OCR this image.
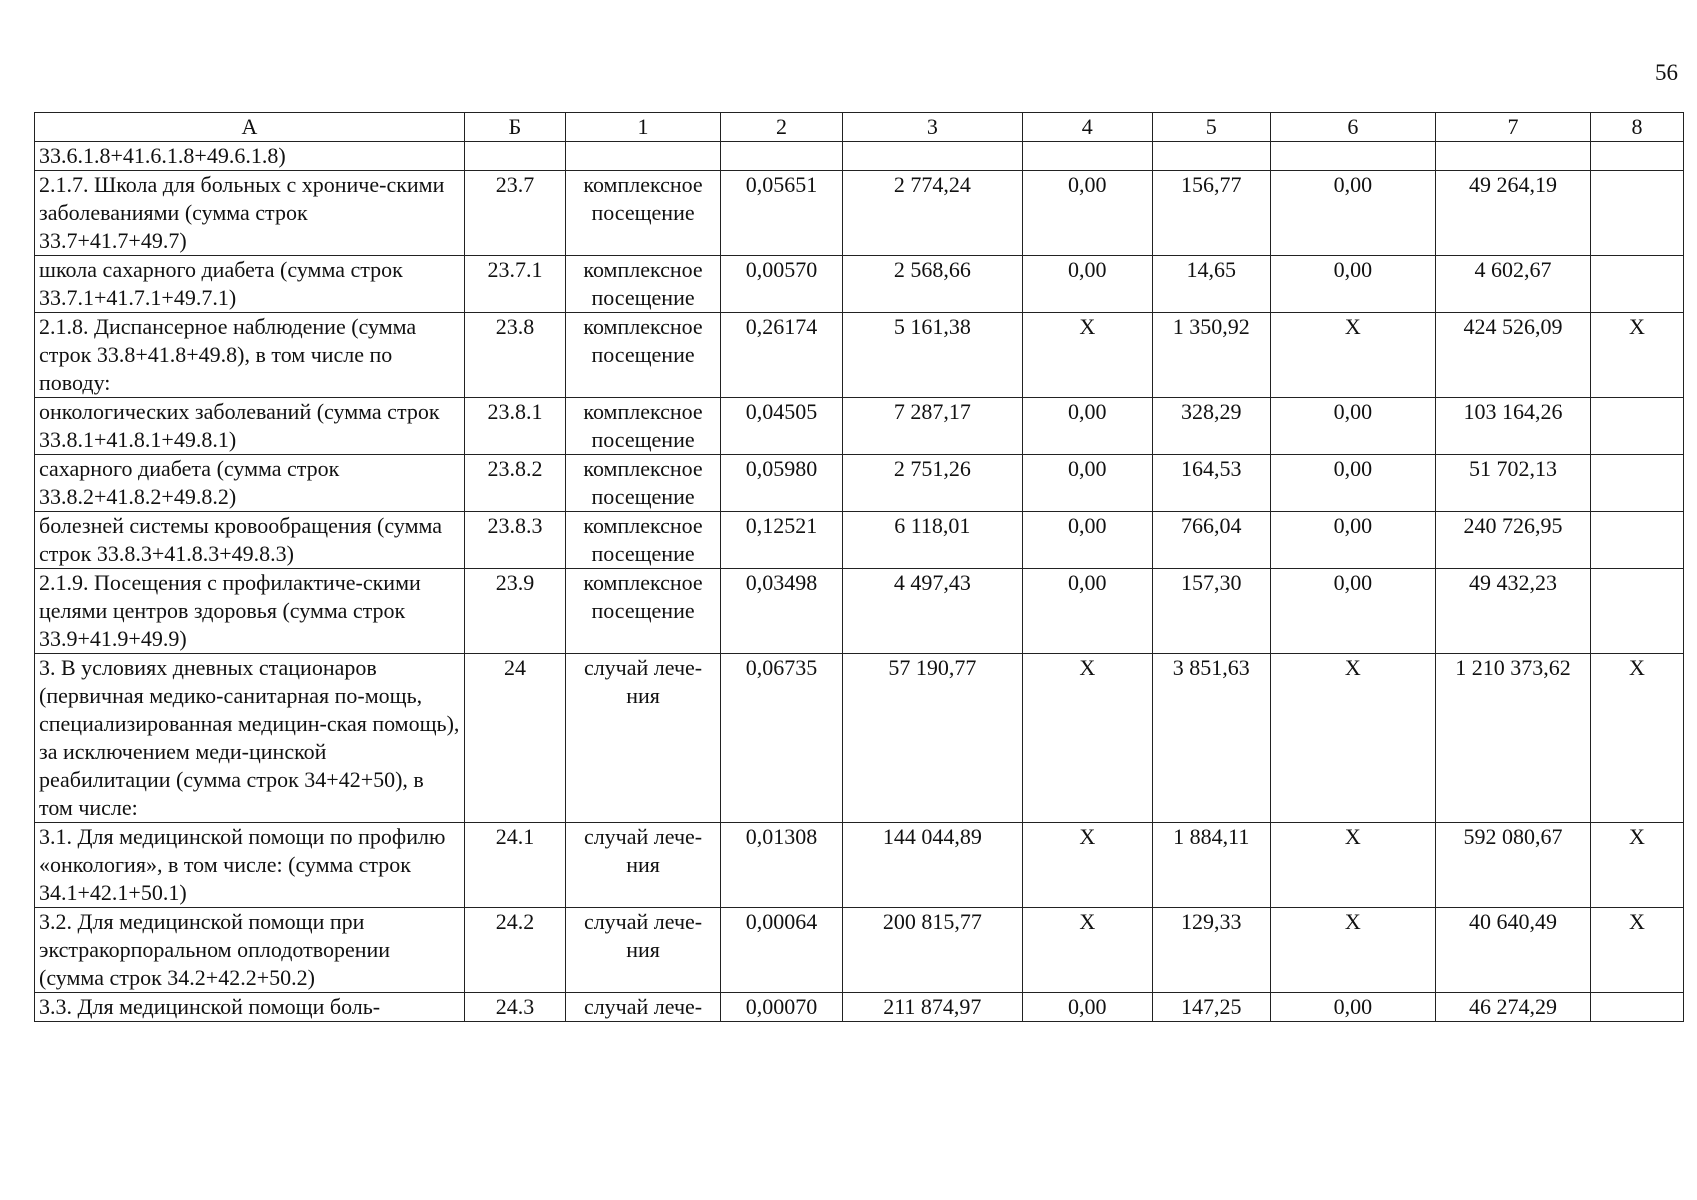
56
А	Б	1	2	3	4	5	6	7	8
33.6.1.8+41.6.1.8+49.6.1.8)									
2.1.7. Школа для больных с хрониче-скими заболеваниями (сумма строк 33.7+41.7+49.7)	23.7	комплексное посещение	0,05651	2 774,24	0,00	156,77	0,00	49 264,19	
школа сахарного диабета (сумма строк 33.7.1+41.7.1+49.7.1)	23.7.1	комплексное посещение	0,00570	2 568,66	0,00	14,65	0,00	4 602,67	
2.1.8. Диспансерное наблюдение (сумма строк 33.8+41.8+49.8), в том числе по поводу:	23.8	комплексное посещение	0,26174	5 161,38	X	1 350,92	X	424 526,09	X
онкологических заболеваний (сумма строк 33.8.1+41.8.1+49.8.1)	23.8.1	комплексное посещение	0,04505	7 287,17	0,00	328,29	0,00	103 164,26	
сахарного диабета (сумма строк 33.8.2+41.8.2+49.8.2)	23.8.2	комплексное посещение	0,05980	2 751,26	0,00	164,53	0,00	51 702,13	
болезней системы кровообращения (сумма строк 33.8.3+41.8.3+49.8.3)	23.8.3	комплексное посещение	0,12521	6 118,01	0,00	766,04	0,00	240 726,95	
2.1.9. Посещения с профилактиче-скими целями центров здоровья (сумма строк 33.9+41.9+49.9)	23.9	комплексное посещение	0,03498	4 497,43	0,00	157,30	0,00	49 432,23	
3. В условиях дневных стационаров (первичная медико-санитарная по-мощь, специализированная медицин-ская помощь), за исключением меди-цинской реабилитации (сумма строк 34+42+50), в том числе:	24	случай лече-ния	0,06735	57 190,77	X	3 851,63	X	1 210 373,62	X
3.1. Для медицинской помощи по профилю «онкология», в том числе: (сумма строк 34.1+42.1+50.1)	24.1	случай лече-ния	0,01308	144 044,89	X	1 884,11	X	592 080,67	X
3.2. Для медицинской помощи при экстракорпоральном оплодотворении (сумма строк 34.2+42.2+50.2)	24.2	случай лече-ния	0,00064	200 815,77	X	129,33	X	40 640,49	X
3.3. Для медицинской помощи боль-	24.3	случай лече-	0,00070	211 874,97	0,00	147,25	0,00	46 274,29	
